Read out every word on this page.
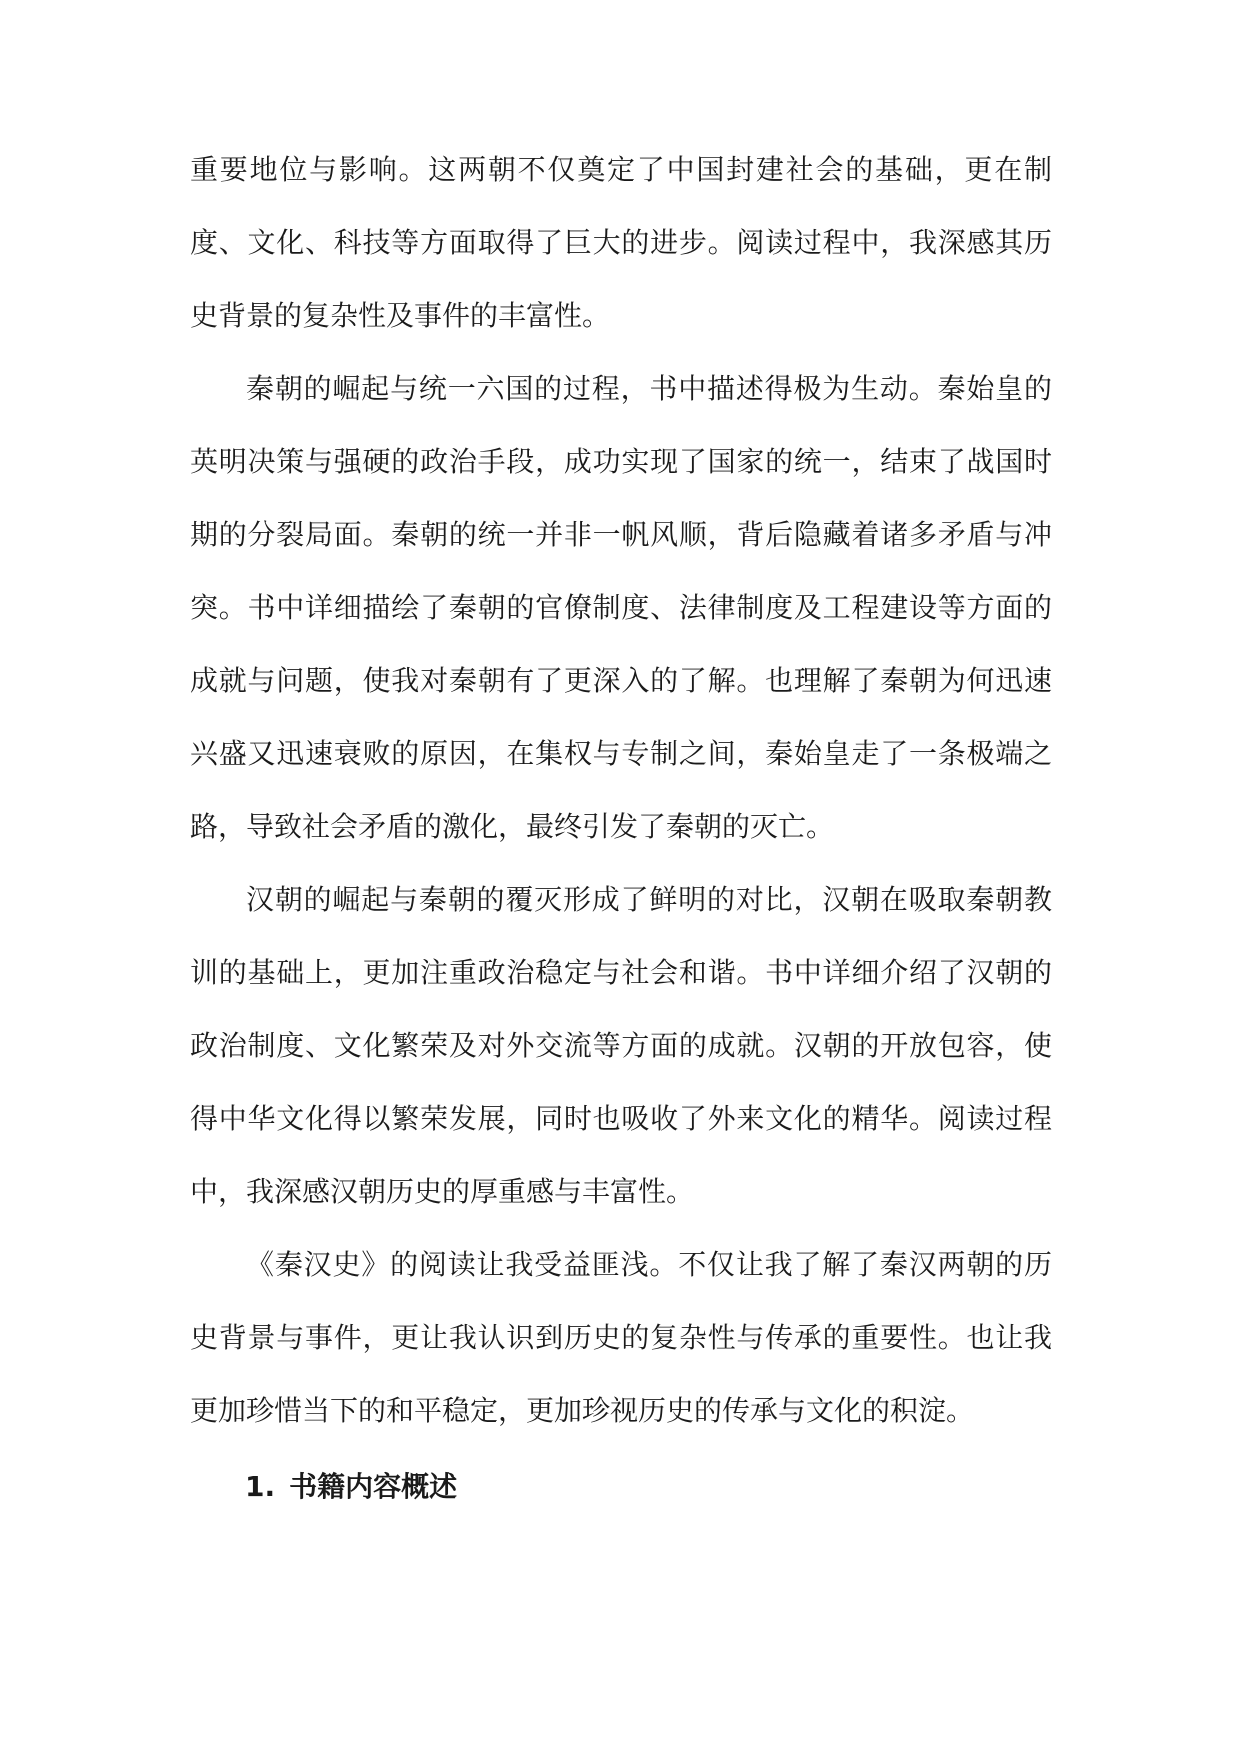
重要地位与影响。这两朝不仅奠定了中国封建社会的基础，更在制度、文化、科技等方面取得了巨大的进步。阅读过程中，我深感其历史背景的复杂性及事件的丰富性。

秦朝的崛起与统一六国的过程，书中描述得极为生动。秦始皇的英明决策与强硬的政治手段，成功实现了国家的统一，结束了战国时期的分裂局面。秦朝的统一并非一帆风顺，背后隐藏着诸多矛盾与冲突。书中详细描绘了秦朝的官僚制度、法律制度及工程建设等方面的成就与问题，使我对秦朝有了更深入的了解。也理解了秦朝为何迅速兴盛又迅速衰败的原因，在集权与专制之间，秦始皇走了一条极端之路，导致社会矛盾的激化，最终引发了秦朝的灭亡。

汉朝的崛起与秦朝的覆灭形成了鲜明的对比，汉朝在吸取秦朝教训的基础上，更加注重政治稳定与社会和谐。书中详细介绍了汉朝的政治制度、文化繁荣及对外交流等方面的成就。汉朝的开放包容，使得中华文化得以繁荣发展，同时也吸收了外来文化的精华。阅读过程中，我深感汉朝历史的厚重感与丰富性。

《秦汉史》的阅读让我受益匪浅。不仅让我了解了秦汉两朝的历史背景与事件，更让我认识到历史的复杂性与传承的重要性。也让我更加珍惜当下的和平稳定，更加珍视历史的传承与文化的积淀。

1. 书籍内容概述
